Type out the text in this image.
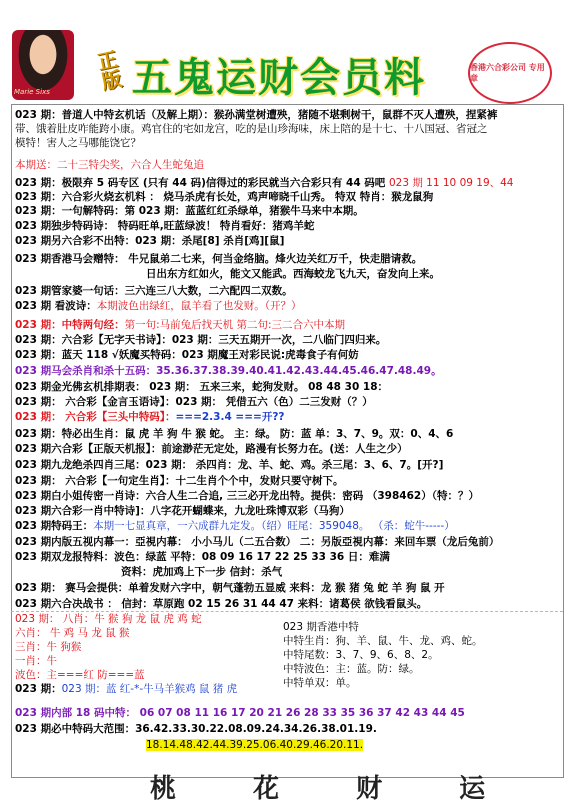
Marie Sixs 正版 五鬼运财会员料	香港六合彩公司 专用章
023 期：普道人中特玄机话（及解上期）：猴孙满堂树遭殃，猪随不堪剩树干，鼠群不灭人遭殃，捏紧裤
带、饿着肚皮咋能跨小康。鸡官住的宅如龙宫，吃的是山珍海味，床上陪的是十七、十八国冠、省冠之
模特！害人之马哪能饶它？
本期送：二十三特尖奖，六合人生蛇兔追
023 期：极限弃 5 码专区 (只有 44 码)信得过的彩民就当六合彩只有 44 码吧 023 期 11 10 09 19、44
023 期：六合彩火烧玄机料 ： 烧马杀虎有长处，鸡声啼晓千山秀。 特双 特肖：猴龙鼠狗
023 期：一句解特码：第 023 期：蓝蓝红红杀绿单，猪猴牛马来中本期。
023 期独步特码诗： 特码旺单,旺蓝绿波！ 特肖看好：猪鸡羊蛇
023 期另六合彩不出特：023 期：杀尾[8] 杀肖[鸡][鼠]
023 期香港马会赠特： 牛兄鼠弟二七来，何当金络脑。烽火边关红万千，快走腊请救。
日出东方红如火，能文又能武。西海蛟龙飞九天，奋发向上来。
023 期管家婆一句话：三六连三八大数，二六配四二双数。
023 期 看波诗：本期波色出绿红，鼠羊看了也发财。（开？）
023 期：中特两句经：第一句:马前兔后找天机 第二句:三二合六中本期
023 期：六合彩【无字天书诗】：023 期：三天五期开一次，二八临门四归来。
023 期：蓝天 118 √妖魔买特码：023 期魔王对彩民说:虎毒食子有何妨
023 期马会杀肖和杀十五码：35.36.37.38.39.40.41.42.43.44.45.46.47.48.49。
023 期金光佛玄机排期表： 023 期： 五来三来，蛇狗发财。 08 48 30 18：
023 期： 六合彩【金言玉语诗】：023 期： 凭借五六（色）二三发财（？）
023 期： 六合彩【三头中特码】：===2.3.4 ===开??
023 期：特必出生肖：鼠 虎 羊 狗 牛 猴 蛇。 主：绿。 防：蓝 单：3、7、9。双：0、4、6
023 期六合彩【正版天机报】：前途渺茫无定处，路漫有长努力在。(送：人生之少）
023 期九龙绝杀四肖三尾：023 期： 杀四肖：龙、羊、蛇、鸡。杀三尾：3、6、7。[开?]
023 期： 六合彩【一句定生肖】：十二生肖个个中，发财只要守树下。
023 期白小姐传密一肖诗：六合人生二合追, 三三必开龙出特。提供：密码 （398462）（特：？）
023 期六合彩一肖中特诗]：八字花开蝴蝶来，九龙吐珠博双彩（马狗）
023 期特码王：本期一七显真章，一六成群九定发。（绍）旺尾：359048。 （杀：蛇牛-----）
023 期内版五视内幕一：亞視内幕： 小小马儿（二五合数） 二：另版亞視内幕：来回车票（龙后兔前）
023 期双龙报特料：波色：绿蓝 平特：08 09 16 17 22 25 33 36 日：难满
资料：虎加鸡上下一步 信封：杀气
023 期： 赛马会提供：单着发财六字中，朝气蓬勃五显威 来料：龙 猴 猪 兔 蛇 羊 狗 鼠 开
023 期六合决战书 ： 信封：草原跑 02 15 26 31 44 47 来料：诸葛侯 欲钱看鼠头。
023 期： 八肖：牛 猴 狗 龙 鼠 虎 鸡 蛇
六肖： 牛 鸡 马 龙 鼠 猴
三肖：牛 狗猴
一肖：牛
波色：主===红 防===蓝
023 期：023 期：蓝 红-*-牛马羊猴鸡 鼠 猪 虎
023 期香港中特
中特生肖：狗、羊、鼠、牛、龙、鸡、蛇。
中特尾数：3、7、9、6、8、2。
中特波色：主：蓝。防：绿。
中特单双：单。
023 期内部 18 码中特： 06 07 08 11 16 17 20 21 26 28 33 35 36 37 42 43 44 45
023 期必中特码大范围：36.42.33.30.22.08.09.24.34.26.38.01.19.
18.14.48.42.44.39.25.06.40.29.46.20.11.
桃 花 财 运
